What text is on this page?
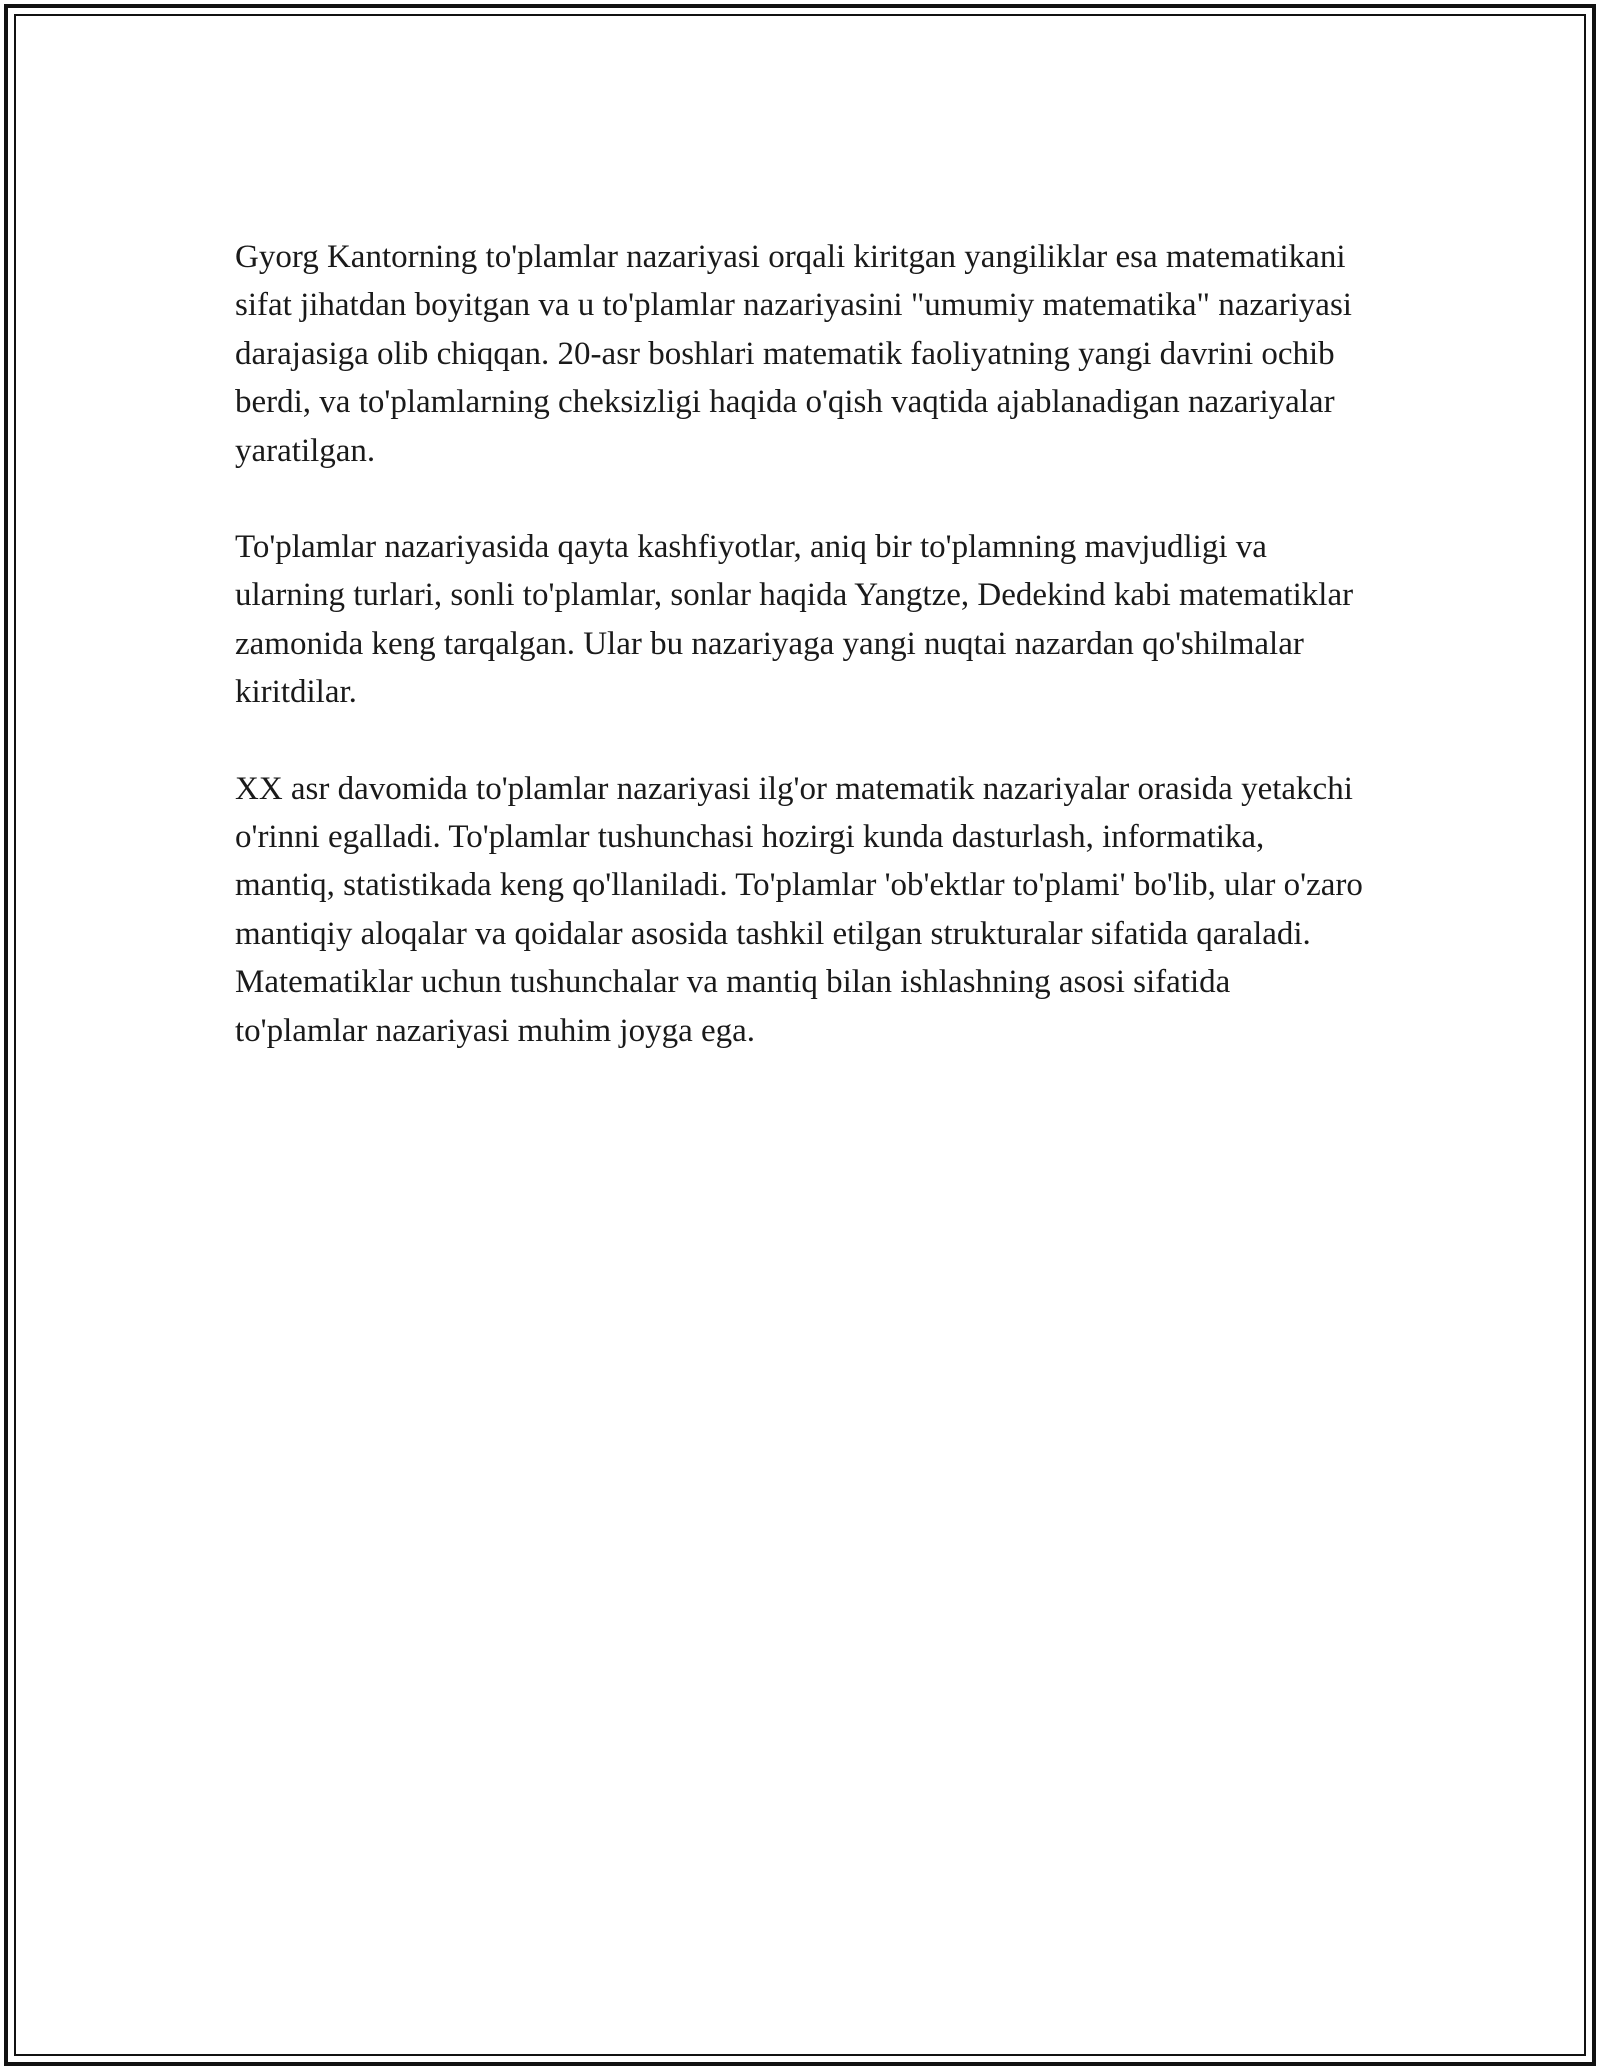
Gyorg Kantorning to'plamlar nazariyasi orqali kiritgan yangiliklar esa matematikani sifat jihatdan boyitgan va u to'plamlar nazariyasini "umumiy matematika" nazariyasi darajasiga olib chiqqan. 20-asr boshlari matematik faoliyatning yangi davrini ochib berdi, va to'plamlarning cheksizligi haqida o'qish vaqtida ajablanadigan nazariyalar yaratilgan.

To'plamlar nazariyasida qayta kashfiyotlar, aniq bir to'plamning mavjudligi va ularning turlari, sonli to'plamlar, sonlar haqida Yangtze, Dedekind kabi matematiklar zamonida keng tarqalgan. Ular bu nazariyaga yangi nuqtai nazardan qo'shilmalar kiritdilar.

XX asr davomida to'plamlar nazariyasi ilg'or matematik nazariyalar orasida yetakchi o'rinni egalladi. To'plamlar tushunchasi hozirgi kunda dasturlash, informatika, mantiq, statistikada keng qo'llaniladi. To'plamlar 'ob'ektlar to'plami' bo'lib, ular o'zaro mantiqiy aloqalar va qoidalar asosida tashkil etilgan strukturalar sifatida qaraladi. Matematiklar uchun tushunchalar va mantiq bilan ishlashning asosi sifatida to'plamlar nazariyasi muhim joyga ega.
